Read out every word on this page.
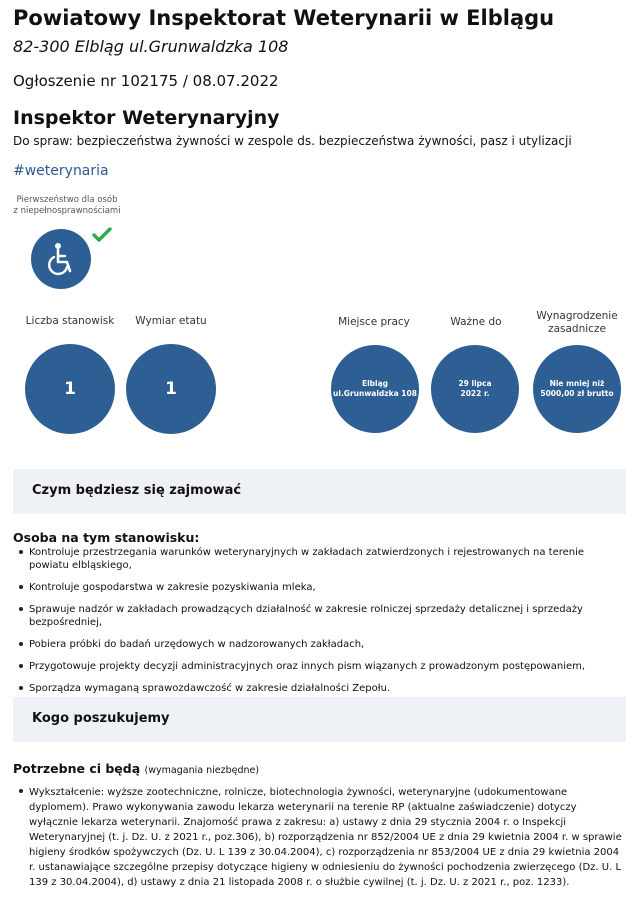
Powiatowy Inspektorat Weterynarii w Elblągu
82-300 Elbląg ul.Grunwaldzka 108
Ogłoszenie nr 102175 / 08.07.2022
Inspektor Weterynaryjny
Do spraw: bezpieczeństwa żywności w zespole ds. bezpieczeństwa żywności, pasz i utylizacji
#weterynaria
Pierwszeństwo dla osób z niepełnosprawnościami
Liczba stanowisk
1
Wymiar etatu
1
Miejsce pracy
Elbląg
ul.Grunwaldzka 108
Ważne do
29 lipca
2022 r.
Wynagrodzenie
zasadnicze
Nie mniej niż
5000,00 zł brutto
Czym będziesz się zajmować
Osoba na tym stanowisku:
Kontroluje przestrzegania warunków weterynaryjnych w zakładach zatwierdzonych i rejestrowanych na terenie powiatu elbląskiego,
Kontroluje gospodarstwa w zakresie pozyskiwania mleka,
Sprawuje nadzór w zakładach prowadzących działalność w zakresie rolniczej sprzedaży detalicznej i sprzedaży bezpośredniej,
Pobiera próbki do badań urzędowych w nadzorowanych zakładach,
Przygotowuje projekty decyzji administracyjnych oraz innych pism wiązanych z prowadzonym postępowaniem,
Sporządza wymaganą sprawozdawczość w zakresie działalności Zepołu.
Kogo poszukujemy
Potrzebne ci będą (wymagania niezbędne)
Wykształcenie: wyższe zootechniczne, rolnicze, biotechnologia żywności, weterynaryjne (udokumentowane dyplomem). Prawo wykonywania zawodu lekarza weterynarii na terenie RP (aktualne zaświadczenie) dotyczy wyłącznie lekarza weterynarii. Znajomość prawa z zakresu: a) ustawy z dnia 29 stycznia 2004 r. o Inspekcji Weterynaryjnej (t. j. Dz. U. z 2021 r., poz.306), b) rozporządzenia nr 852/2004 UE z dnia 29 kwietnia 2004 r. w sprawie higieny środków spożywczych (Dz. U. L 139 z 30.04.2004), c) rozporządzenia nr 853/2004 UE z dnia 29 kwietnia 2004 r. ustanawiające szczególne przepisy dotyczące higieny w odniesieniu do żywności pochodzenia zwierzęcego (Dz. U. L 139 z 30.04.2004), d) ustawy z dnia 21 listopada 2008 r. o służbie cywilnej (t. j. Dz. U. z 2021 r., poz. 1233).
